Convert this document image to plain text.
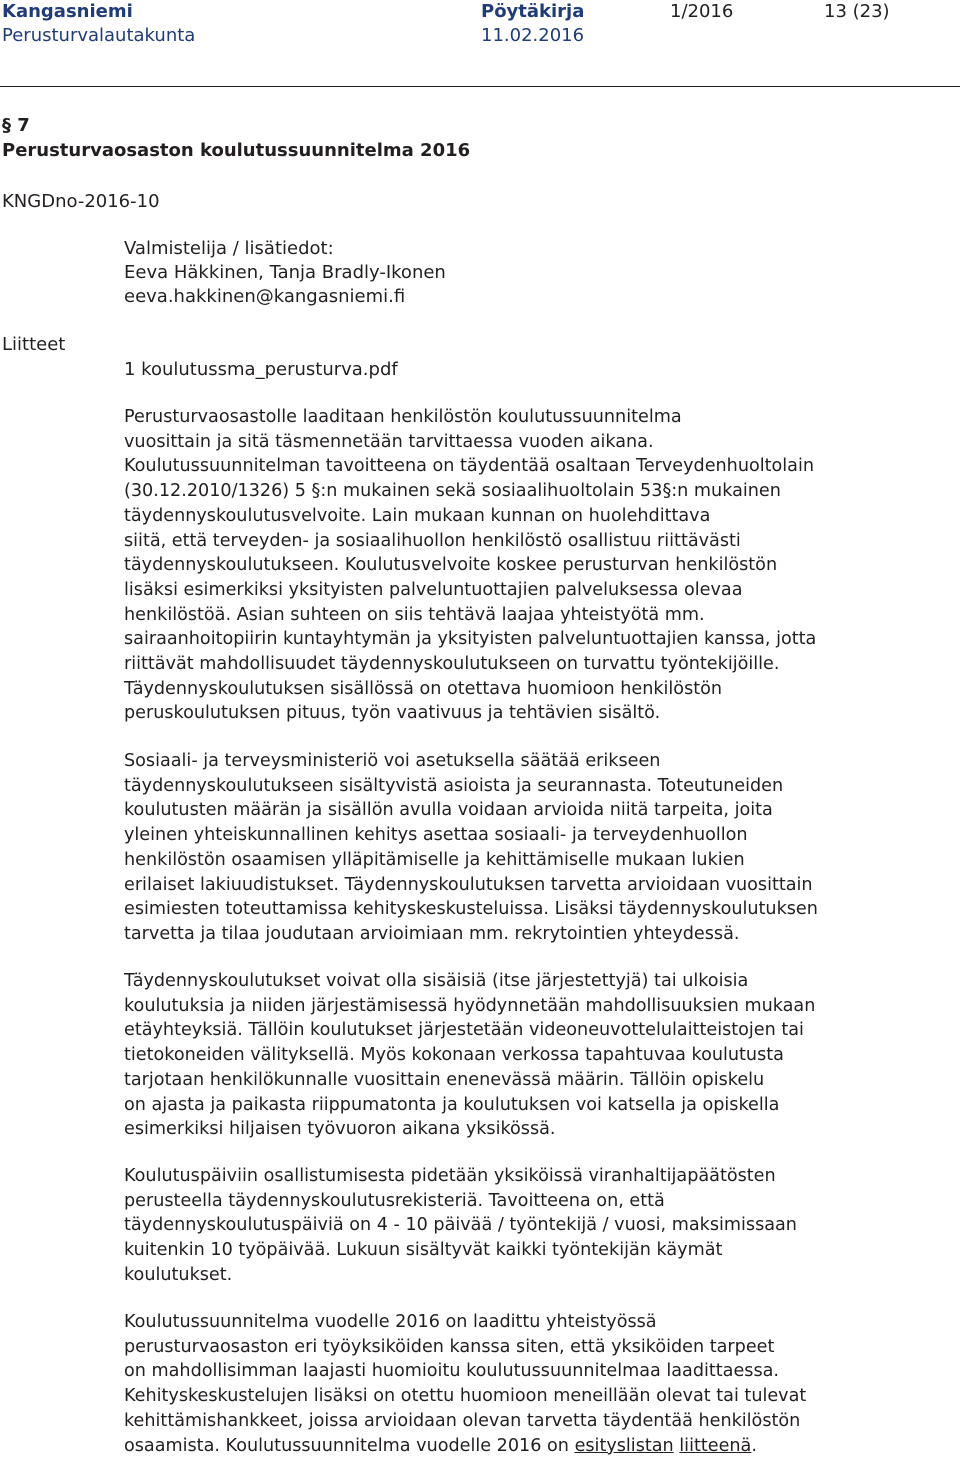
Kangasniemi	Pöytäkirja	1/2016	13 (23)
Perusturvalautakunta	11.02.2016
§ 7
Perusturvaosaston koulutussuunnitelma 2016
KNGDno-2016-10
Valmistelija / lisätiedot:
Eeva Häkkinen, Tanja Bradly-Ikonen
eeva.hakkinen@kangasniemi.fi
Liitteet
1 koulutussma_perusturva.pdf
Perusturvaosastolle laaditaan henkilöstön koulutussuunnitelma
vuosittain ja sitä täsmennetään tarvittaessa vuoden aikana.
Koulutussuunnitelman tavoitteena on täydentää osaltaan Terveydenhuoltolain
(30.12.2010/1326) 5 §:n mukainen sekä sosiaalihuoltolain 53§:n mukainen
täydennyskoulutusvelvoite. Lain mukaan kunnan on huolehdittava
siitä, että terveyden- ja sosiaalihuollon henkilöstö osallistuu riittävästi
täydennyskoulutukseen. Koulutusvelvoite koskee perusturvan henkilöstön
lisäksi esimerkiksi yksityisten palveluntuottajien palveluksessa olevaa
henkilöstöä. Asian suhteen on siis tehtävä laajaa yhteistyötä mm.
sairaanhoitopiirin kuntayhtymän ja yksityisten palveluntuottajien kanssa, jotta
riittävät mahdollisuudet täydennyskoulutukseen on turvattu työntekijöille.
Täydennyskoulutuksen sisällössä on otettava huomioon henkilöstön
peruskoulutuksen pituus, työn vaativuus ja tehtävien sisältö.
Sosiaali- ja terveysministeriö voi asetuksella säätää erikseen
täydennyskoulutukseen sisältyvistä asioista ja seurannasta. Toteutuneiden
koulutusten määrän ja sisällön avulla voidaan arvioida niitä tarpeita, joita
yleinen yhteiskunnallinen kehitys asettaa sosiaali- ja terveydenhuollon
henkilöstön osaamisen ylläpitämiselle ja kehittämiselle mukaan lukien
erilaiset lakiuudistukset. Täydennyskoulutuksen tarvetta arvioidaan vuosittain
esimiesten toteuttamissa kehityskeskusteluissa. Lisäksi täydennyskoulutuksen
tarvetta ja tilaa joudutaan arvioimiaan mm. rekrytointien yhteydessä.
Täydennyskoulutukset voivat olla sisäisiä (itse järjestettyjä) tai ulkoisia
koulutuksia ja niiden järjestämisessä hyödynnetään mahdollisuuksien mukaan
etäyhteyksiä. Tällöin koulutukset järjestetään videoneuvottelulaitteistojen tai
tietokoneiden välityksellä. Myös kokonaan verkossa tapahtuvaa koulutusta
tarjotaan henkilökunnalle vuosittain enenevässä määrin. Tällöin opiskelu
on ajasta ja paikasta riippumatonta ja koulutuksen voi katsella ja opiskella
esimerkiksi hiljaisen työvuoron aikana yksikössä.
Koulutuspäiviin osallistumisesta pidetään yksiköissä viranhaltijapäätösten
perusteella täydennyskoulutusrekisteriä. Tavoitteena on, että
täydennyskoulutuspäiviä on 4 - 10 päivää / työntekijä / vuosi, maksimissaan
kuitenkin 10 työpäivää. Lukuun sisältyvät kaikki työntekijän käymät
koulutukset.
Koulutussuunnitelma vuodelle 2016 on laadittu yhteistyössä
perusturvaosaston eri työyksiköiden kanssa siten, että yksiköiden tarpeet
on mahdollisimman laajasti huomioitu koulutussuunnitelmaa laadittaessa.
Kehityskeskustelujen lisäksi on otettu huomioon meneillään olevat tai tulevat
kehittämishankkeet, joissa arvioidaan olevan tarvetta täydentää henkilöstön
osaamista. Koulutussuunnitelma vuodelle 2016 on esityslistan liitteenä.
